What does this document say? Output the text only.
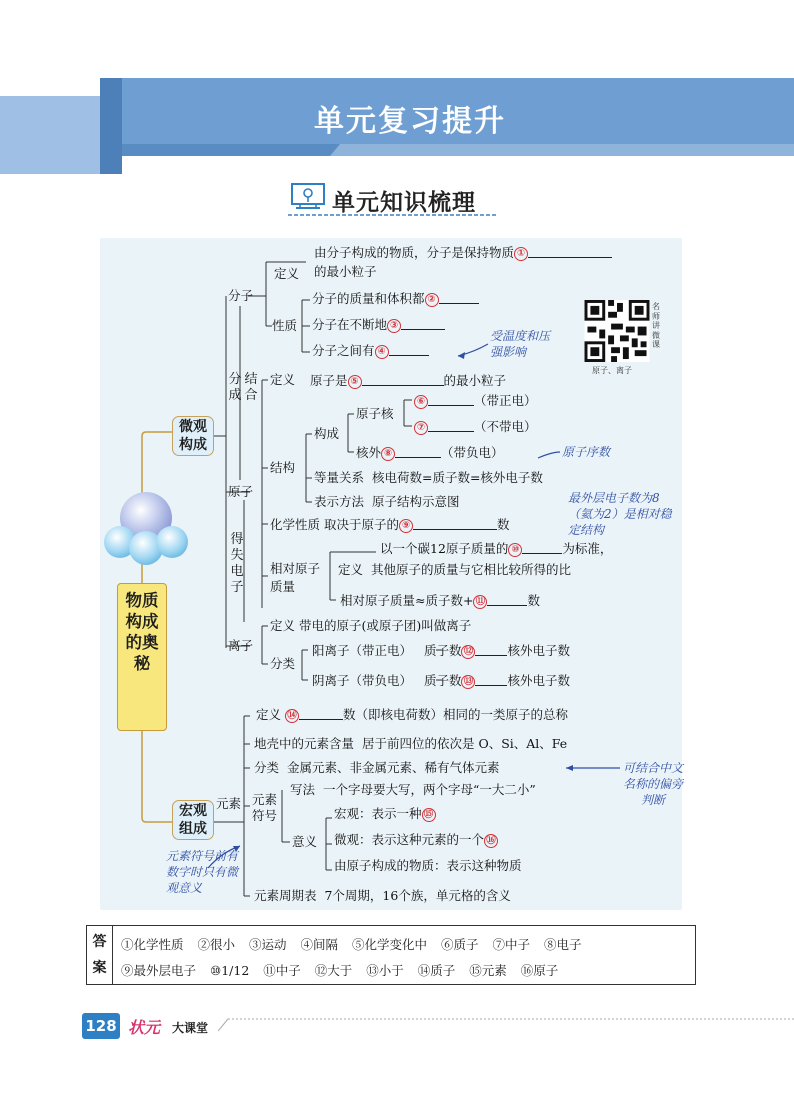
单元复习提升
单元知识梳理
物质构成的奥秘
微观构成
宏观组成
分成
结合
得失电子
分子
定义
由分子构成的物质，分子是保持物质 ①
的最小粒子
性质
分子的质量和体积都 ②
分子在不断地 ③
分子之间有 ④
受温度和压强影响
名师讲微课
原子、离子
原子
定义 原子是 ⑤	的最小粒子
结构
构成
原子核
⑥	（带正电）
⑦	（不带电）
核外 ⑧	（带负电）
等量关系 核电荷数=质子数=核外电子数
原子序数
表示方法 原子结构示意图	最外层电子数为8（氦为2）是相对稳定结构
化学性质 取决于原子的 ⑨	数
相对原子质量
以一个碳12原子质量的 ⑩	为标准，
定义 其他原子的质量与它相比较所得的比
相对原子质量≈质子数+ ⑪	数
离子
定义 带电的原子(或原子团)叫做离子
分类
阳离子（带正电） 质子数 ⑫	核外电子数
阴离子（带负电） 质子数 ⑬	核外电子数
元素
定义 ⑭	数（即核电荷数）相同的一类原子的总称
地壳中的元素含量 居于前四位的依次是 O、Si、Al、Fe
分类 金属元素、非金属元素、稀有气体元素	可结合中文名称的偏旁判断
元素符号
写法 一个字母要大写，两个字母“一大二小”
意义
宏观：表示一种 ⑮
微观：表示这种元素的一个 ⑯
由原子构成的物质：表示这种物质
元素符号前有数字时只有微观意义	元素周期表 7个周期，16个族，单元格的含义
答
案
①化学性质 ②很小 ③运动 ④间隔 ⑤化学变化中 ⑥质子 ⑦中子 ⑧电子
⑨最外层电子 ⑩1/12 ⑪中子 ⑫大于 ⑬小于 ⑭质子 ⑮元素 ⑯原子
128 状元 大课堂
